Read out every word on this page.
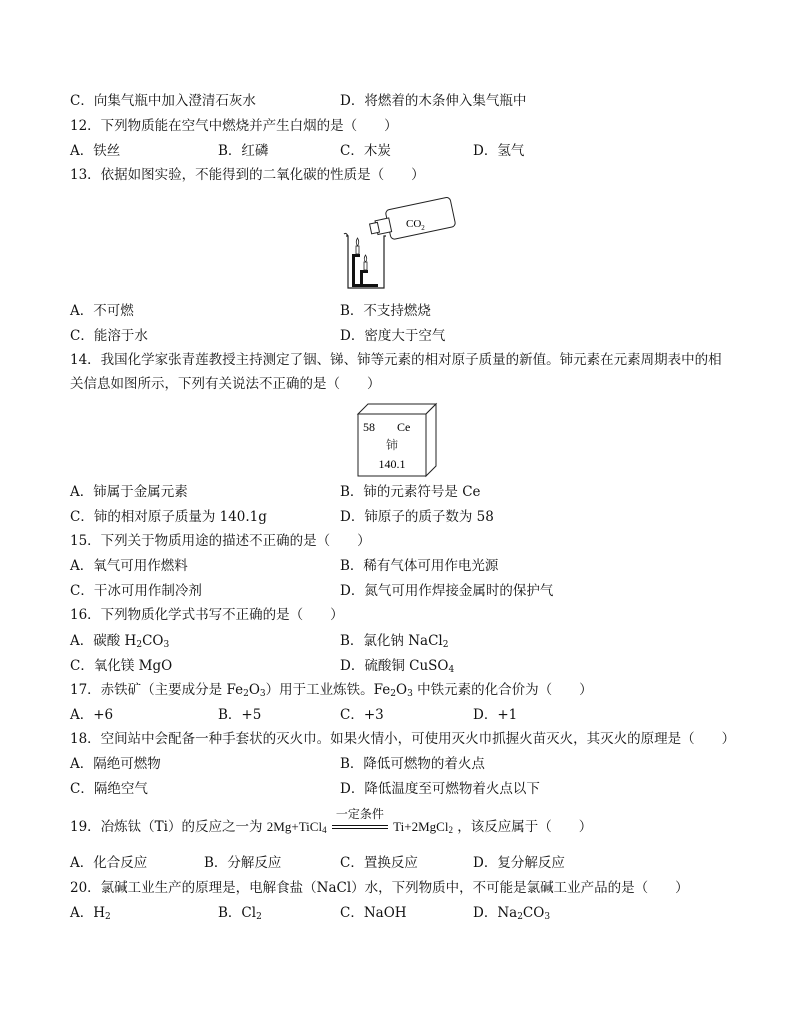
C．向集气瓶中加入澄清石灰水	D．将燃着的木条伸入集气瓶中
12．下列物质能在空气中燃烧并产生白烟的是（　　）
A．铁丝	B．红磷	C．木炭	D．氢气
13．依据如图实验，不能得到的二氧化碳的性质是（　　）
$CO_2$
A．不可燃	B．不支持燃烧
C．能溶于水	D．密度大于空气
14．我国化学家张青莲教授主持测定了铟、锑、铈等元素的相对原子质量的新值。铈元素在元素周期表中的相
关信息如图所示，下列有关说法不正确的是（　　）
58 Ce
铈
140.1
A．铈属于金属元素	B．铈的元素符号是 Ce
C．铈的相对原子质量为 140.1g	D．铈原子的质子数为 58
15．下列关于物质用途的描述不正确的是（　　）
A．氧气可用作燃料	B．稀有气体可用作电光源
C．干冰可用作制冷剂	D．氮气可用作焊接金属时的保护气
16．下列物质化学式书写不正确的是（　　）
A．碳酸 $H_2CO_3$	B．氯化钠 NaCl$_2$
C．氧化镁 MgO	D．硫酸铜 CuSO$_4$
17．赤铁矿（主要成分是 $Fe_2O_3$）用于工业炼铁。$Fe_2O_3$ 中铁元素的化合价为（　　）
A．+6	B．+5	C．+3	D．+1
18．空间站中会配备一种手套状的灭火巾。如果火情小，可使用灭火巾抓握火苗灭火，其灭火的原理是（　　）
A．隔绝可燃物	B．降低可燃物的着火点
C．隔绝空气	D．降低温度至可燃物着火点以下
19．冶炼钛（Ti）的反应之一为 2Mg+TiCl$_4$
一定条件
Ti+2MgCl$_2$ ，该反应属于（　　）
A．化合反应	B．分解反应	C．置换反应	D．复分解反应
20．氯碱工业生产的原理是，电解食盐（NaCl）水，下列物质中，不可能是氯碱工业产品的是（　　）
A．$H_2$	B．$Cl_2$	C．NaOH	D．$Na_2CO_3$
